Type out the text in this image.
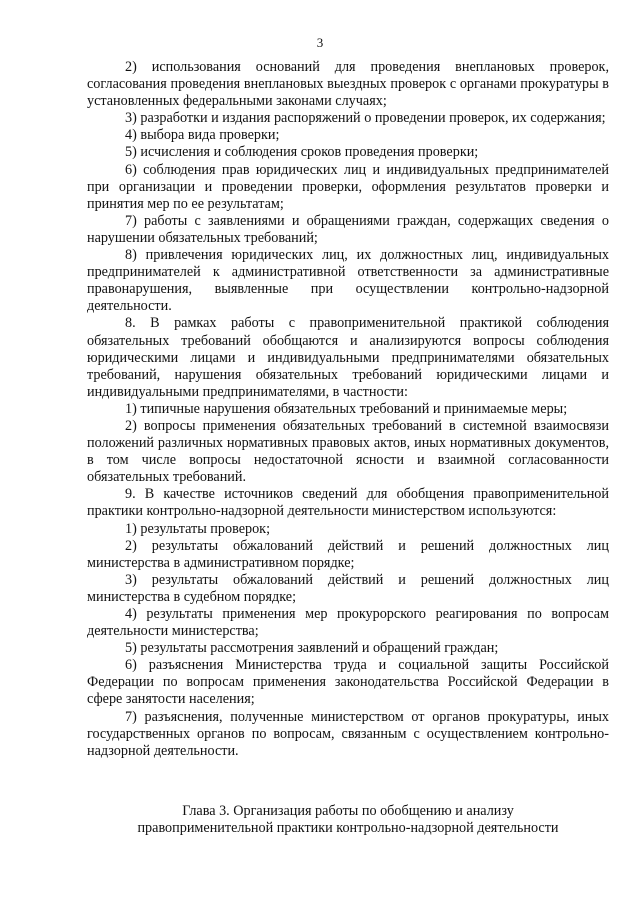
3

2) использования оснований для проведения внеплановых проверок, согласования проведения внеплановых выездных проверок с органами прокуратуры в установленных федеральными законами случаях;

3) разработки и издания распоряжений о проведении проверок, их содержания;

4) выбора вида проверки;

5) исчисления и соблюдения сроков проведения проверки;

6) соблюдения прав юридических лиц и индивидуальных предпринимателей при организации и проведении проверки, оформления результатов проверки и принятия мер по ее результатам;

7) работы с заявлениями и обращениями граждан, содержащих сведения о нарушении обязательных требований;

8) привлечения юридических лиц, их должностных лиц, индивидуальных предпринимателей к административной ответственности за административные правонарушения, выявленные при осуществлении контрольно-надзорной деятельности.

8. В рамках работы с правоприменительной практикой соблюдения обязательных требований обобщаются и анализируются вопросы соблюдения юридическими лицами и индивидуальными предпринимателями обязательных требований, нарушения обязательных требований юридическими лицами и индивидуальными предпринимателями, в частности:

1) типичные нарушения обязательных требований и принимаемые меры;

2) вопросы применения обязательных требований в системной взаимосвязи положений различных нормативных правовых актов, иных нормативных документов, в том числе вопросы недостаточной ясности и взаимной согласованности обязательных требований.

9. В качестве источников сведений для обобщения правоприменительной практики контрольно-надзорной деятельности министерством используются:

1) результаты проверок;

2) результаты обжалований действий и решений должностных лиц министерства в административном порядке;

3) результаты обжалований действий и решений должностных лиц министерства в судебном порядке;

4) результаты применения мер прокурорского реагирования по вопросам деятельности министерства;

5) результаты рассмотрения заявлений и обращений граждан;

6) разъяснения Министерства труда и социальной защиты Российской Федерации по вопросам применения законодательства Российской Федерации в сфере занятости населения;

7) разъяснения, полученные министерством от органов прокуратуры, иных государственных органов по вопросам, связанным с осуществлением контрольно-надзорной деятельности.

Глава 3. Организация работы по обобщению и анализу
правоприменительной практики контрольно-надзорной деятельности
